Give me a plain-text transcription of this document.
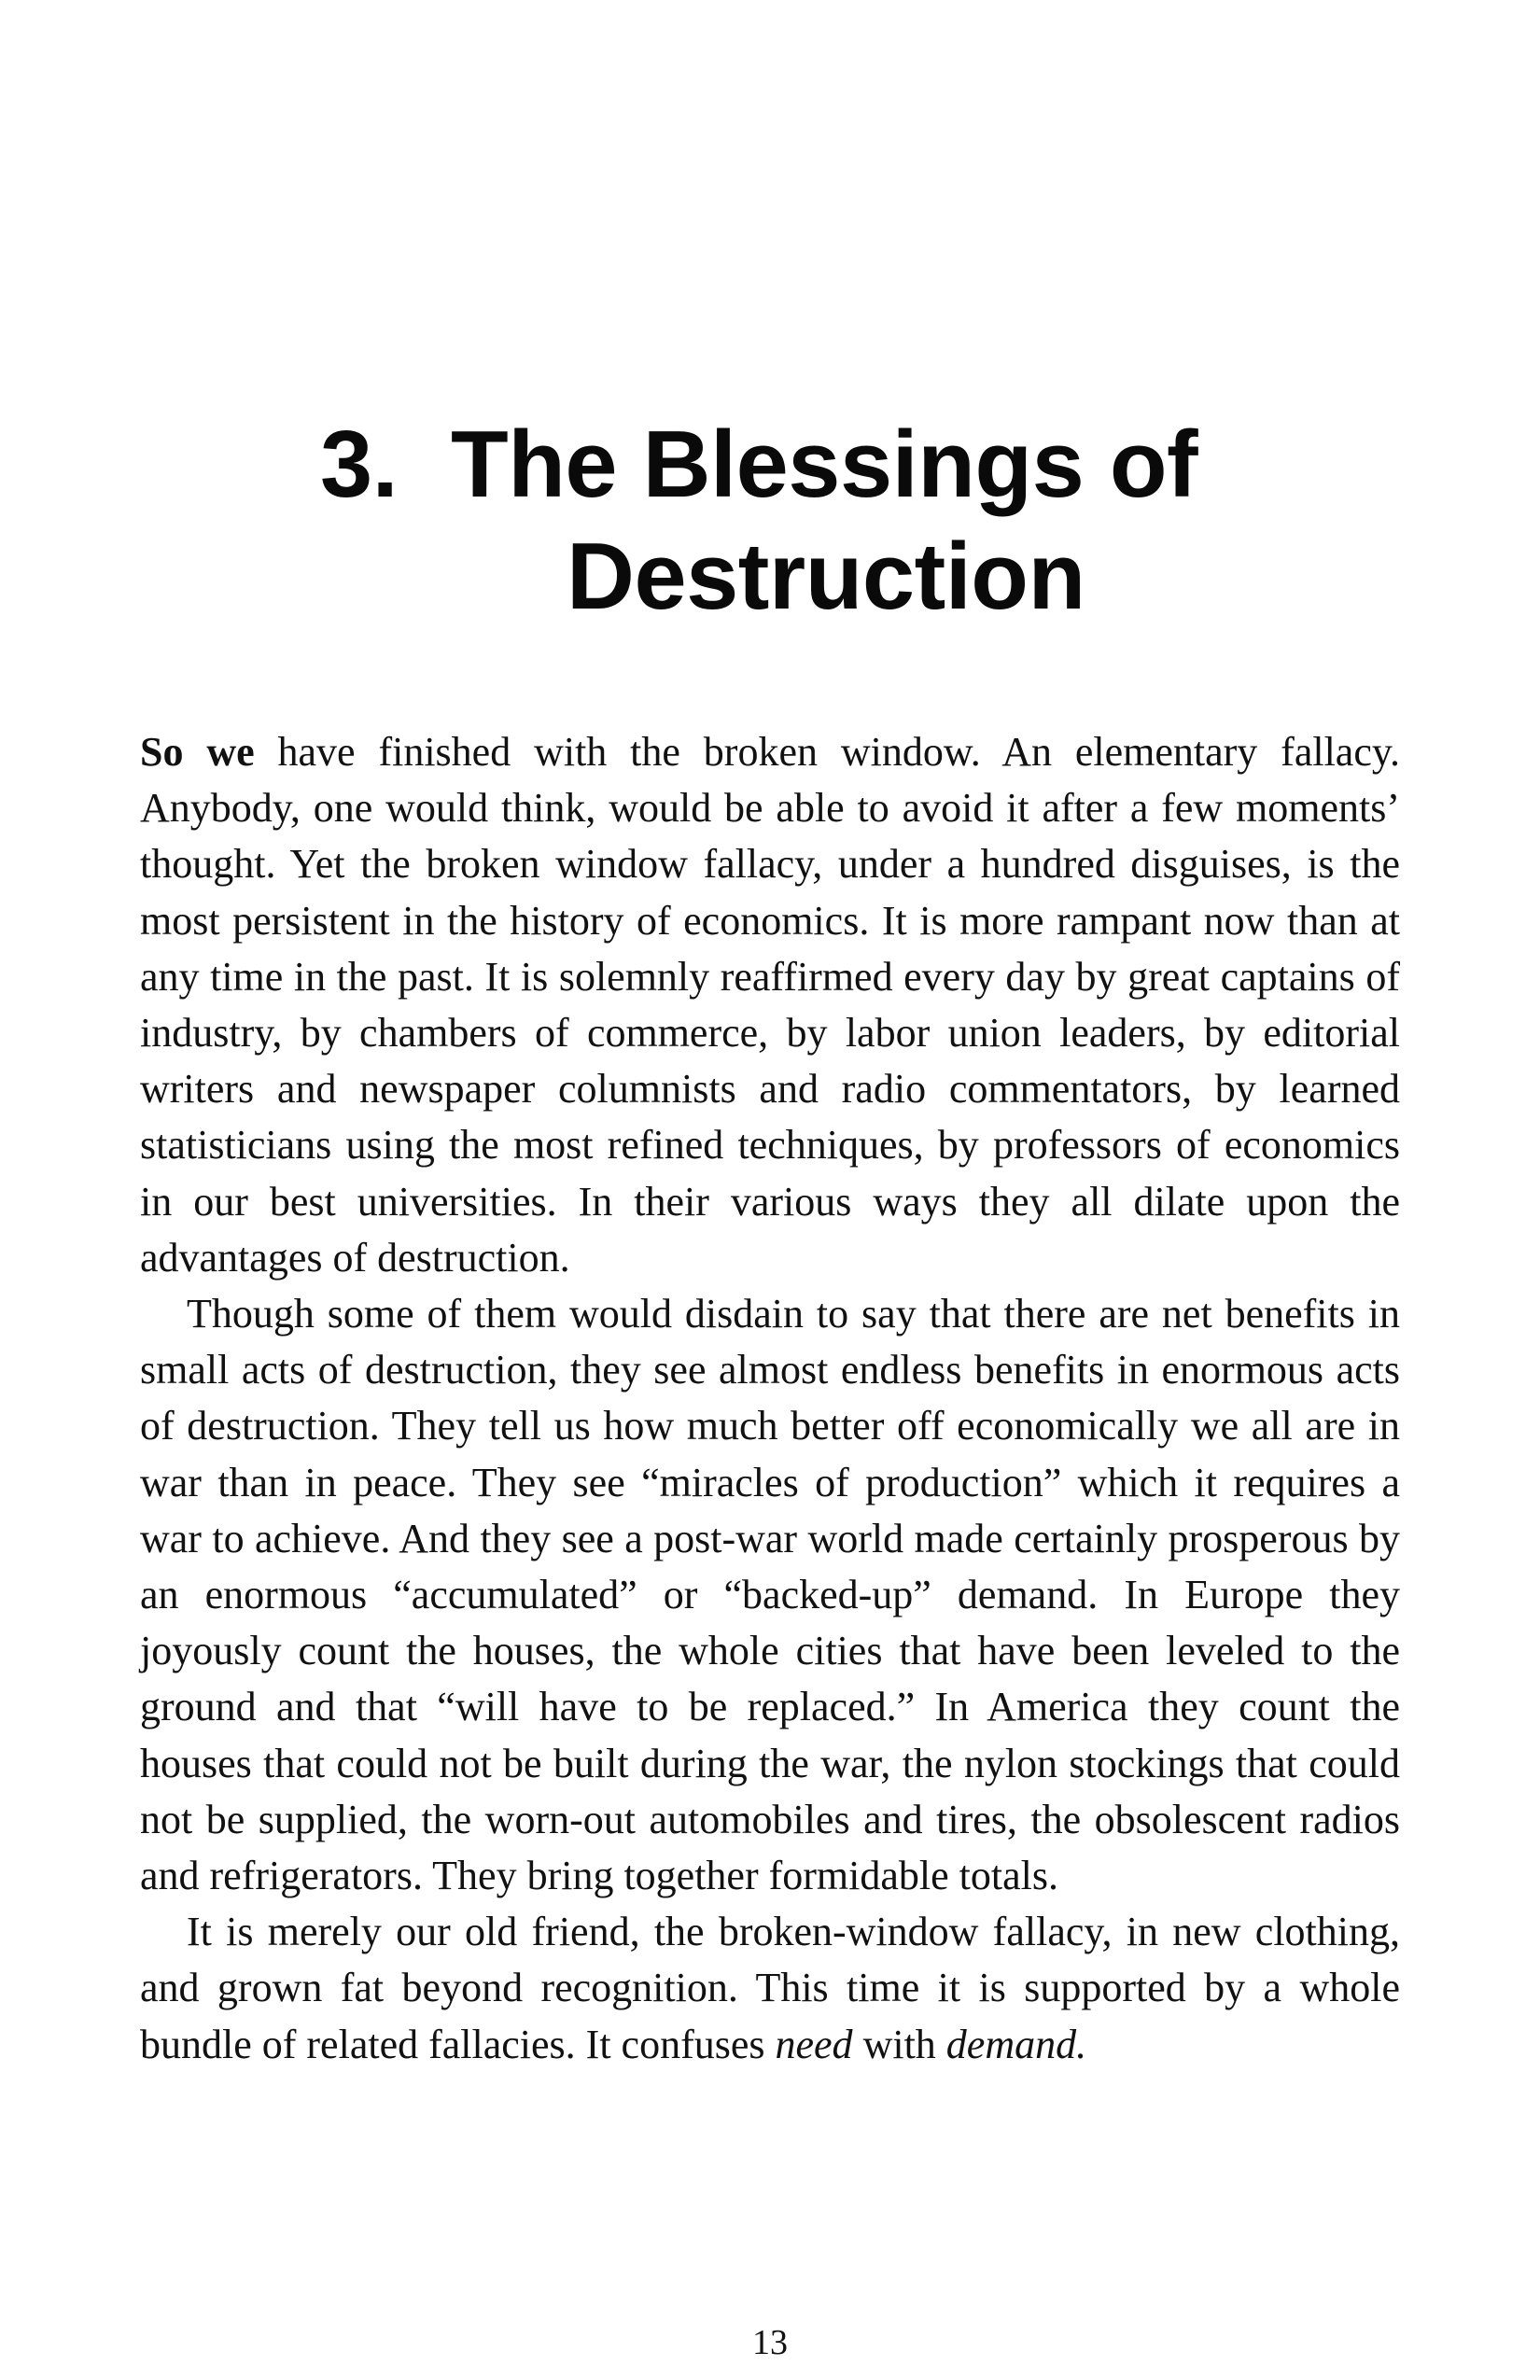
3. The Blessings of
Destruction

So we have finished with the broken window. An elementary fallacy. Anybody, one would think, would be able to avoid it after a few moments’ thought. Yet the broken window fallacy, under a hundred disguises, is the most persistent in the history of economics. It is more rampant now than at any time in the past. It is solemnly reaffirmed every day by great captains of industry, by chambers of commerce, by labor union leaders, by editorial writers and newspaper columnists and radio commentators, by learned statisticians using the most refined techniques, by professors of economics in our best universities. In their various ways they all dilate upon the advantages of destruction.

Though some of them would disdain to say that there are net benefits in small acts of destruction, they see almost endless benefits in enormous acts of destruction. They tell us how much better off economically we all are in war than in peace. They see “miracles of production” which it requires a war to achieve. And they see a post-war world made certainly prosperous by an enormous “accumulated” or “backed-up” demand. In Europe they joyously count the houses, the whole cities that have been leveled to the ground and that “will have to be replaced.” In America they count the houses that could not be built during the war, the nylon stockings that could not be supplied, the worn-out automobiles and tires, the obsolescent radios and refrigerators. They bring together formidable totals.

It is merely our old friend, the broken-window fallacy, in new clothing, and grown fat beyond recognition. This time it is supported by a whole bundle of related fallacies. It confuses need with demand.

13
